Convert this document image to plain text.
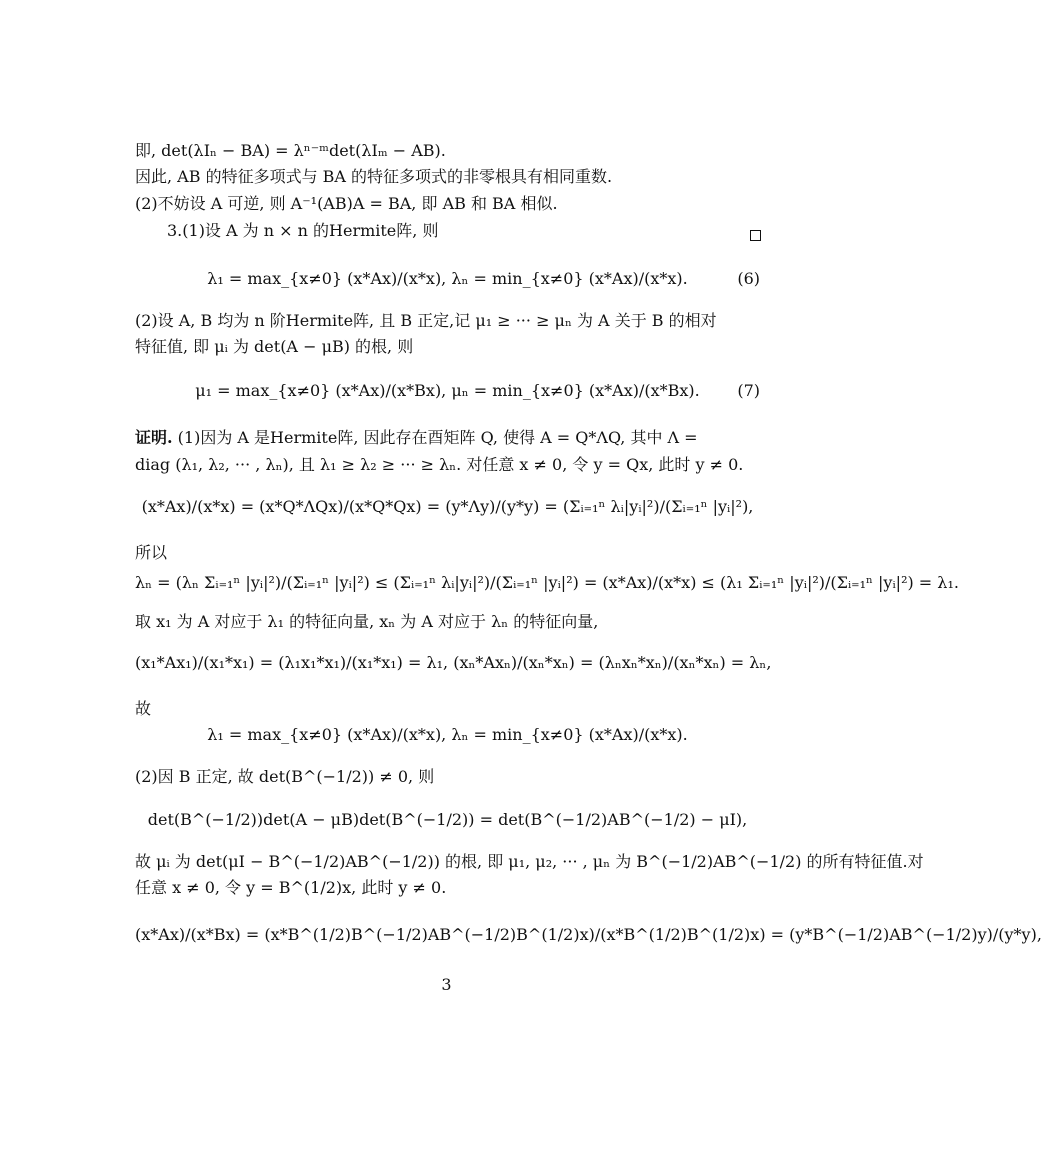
即, det(λIₙ − BA) = λⁿ⁻ᵐdet(λIₘ − AB).
因此, AB 的特征多项式与 BA 的特征多项式的非零根具有相同重数.
(2)不妨设 A 可逆, 则 A⁻¹(AB)A = BA, 即 AB 和 BA 相似.
3.(1)设 A 为 n × n 的Hermite阵, 则
λ₁ = max_{x≠0} (x*Ax)/(x*x), λₙ = min_{x≠0} (x*Ax)/(x*x).	(6)
(2)设 A, B 均为 n 阶Hermite阵, 且 B 正定,记 μ₁ ≥ ··· ≥ μₙ 为 A 关于 B 的相对
特征值, 即 μᵢ 为 det(A − μB) 的根, 则
μ₁ = max_{x≠0} (x*Ax)/(x*Bx), μₙ = min_{x≠0} (x*Ax)/(x*Bx). (7)
证明. (1)因为 A 是Hermite阵, 因此存在酉矩阵 Q, 使得 A = Q*ΛQ, 其中 Λ =
diag (λ₁, λ₂, ··· , λₙ), 且 λ₁ ≥ λ₂ ≥ ··· ≥ λₙ. 对任意 x ≠ 0, 令 y = Qx, 此时 y ≠ 0.
(x*Ax)/(x*x) = (x*Q*ΛQx)/(x*Q*Qx) = (y*Λy)/(y*y) = (Σᵢ₌₁ⁿ λᵢ|yᵢ|²)/(Σᵢ₌₁ⁿ |yᵢ|²),
所以
λₙ = (λₙ Σᵢ₌₁ⁿ |yᵢ|²)/(Σᵢ₌₁ⁿ |yᵢ|²) ≤ (Σᵢ₌₁ⁿ λᵢ|yᵢ|²)/(Σᵢ₌₁ⁿ |yᵢ|²) = (x*Ax)/(x*x) ≤ (λ₁ Σᵢ₌₁ⁿ |yᵢ|²)/(Σᵢ₌₁ⁿ |yᵢ|²) = λ₁.
取 x₁ 为 A 对应于 λ₁ 的特征向量, xₙ 为 A 对应于 λₙ 的特征向量,
(x₁*Ax₁)/(x₁*x₁) = (λ₁x₁*x₁)/(x₁*x₁) = λ₁, (xₙ*Axₙ)/(xₙ*xₙ) = (λₙxₙ*xₙ)/(xₙ*xₙ) = λₙ,
故
λ₁ = max_{x≠0} (x*Ax)/(x*x), λₙ = min_{x≠0} (x*Ax)/(x*x).
(2)因 B 正定, 故 det(B^(−1/2)) ≠ 0, 则
det(B^(−1/2))det(A − μB)det(B^(−1/2)) = det(B^(−1/2)AB^(−1/2) − μI),
故 μᵢ 为 det(μI − B^(−1/2)AB^(−1/2)) 的根, 即 μ₁, μ₂, ··· , μₙ 为 B^(−1/2)AB^(−1/2) 的所有特征值.对
任意 x ≠ 0, 令 y = B^(1/2)x, 此时 y ≠ 0.
(x*Ax)/(x*Bx) = (x*B^(1/2)B^(−1/2)AB^(−1/2)B^(1/2)x)/(x*B^(1/2)B^(1/2)x) = (y*B^(−1/2)AB^(−1/2)y)/(y*y),
3
